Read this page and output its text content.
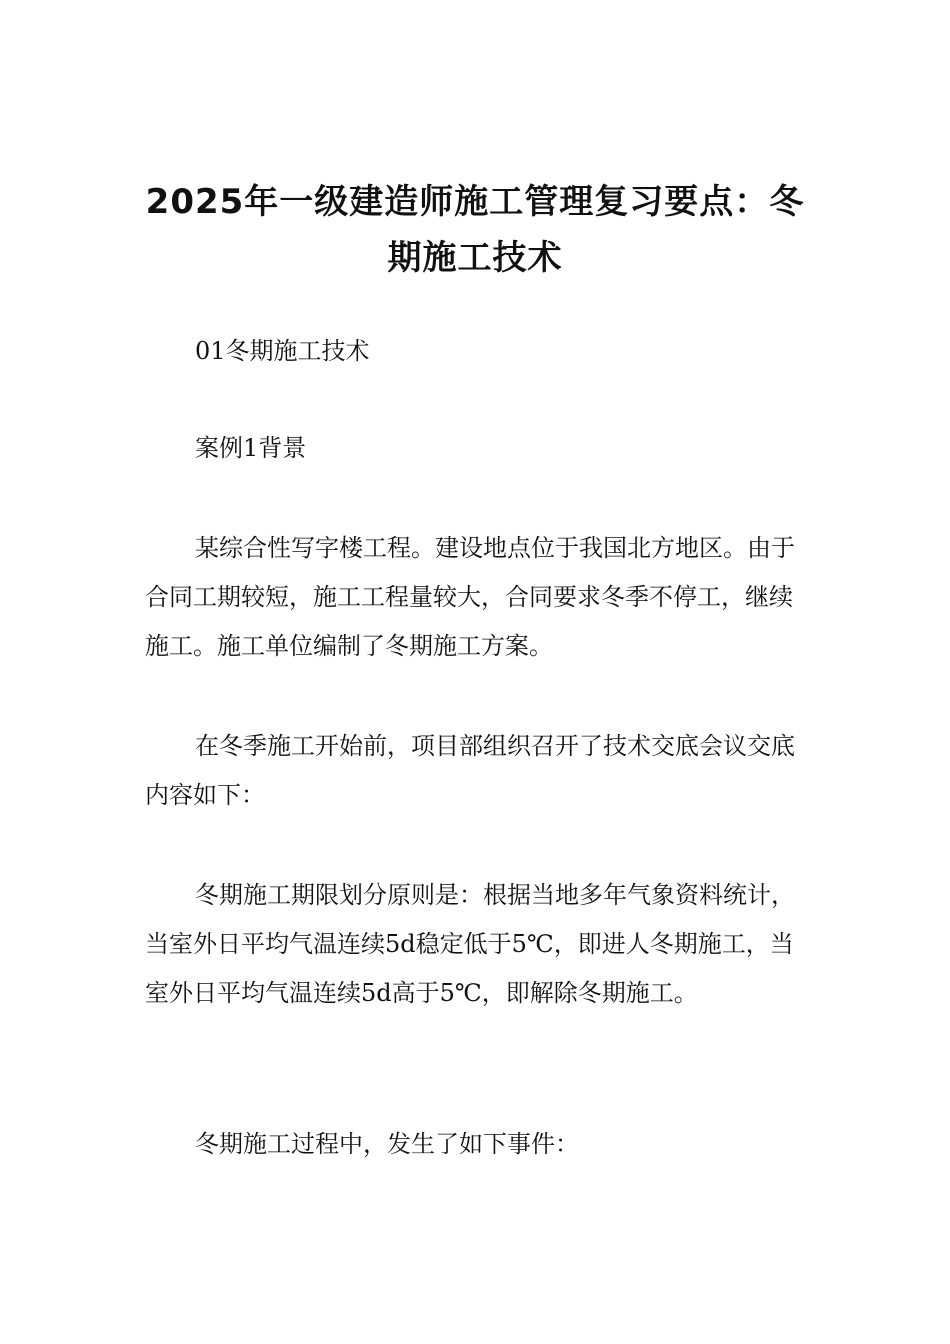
2025年一级建造师施工管理复习要点：冬期施工技术

01冬期施工技术

案例1背景

某综合性写字楼工程。建设地点位于我国北方地区。由于合同工期较短，施工工程量较大，合同要求冬季不停工，继续施工。施工单位编制了冬期施工方案。

在冬季施工开始前，项目部组织召开了技术交底会议交底内容如下：

冬期施工期限划分原则是：根据当地多年气象资料统计，当室外日平均气温连续5d稳定低于5℃，即进人冬期施工，当室外日平均气温连续5d高于5℃，即解除冬期施工。

冬期施工过程中，发生了如下事件：
